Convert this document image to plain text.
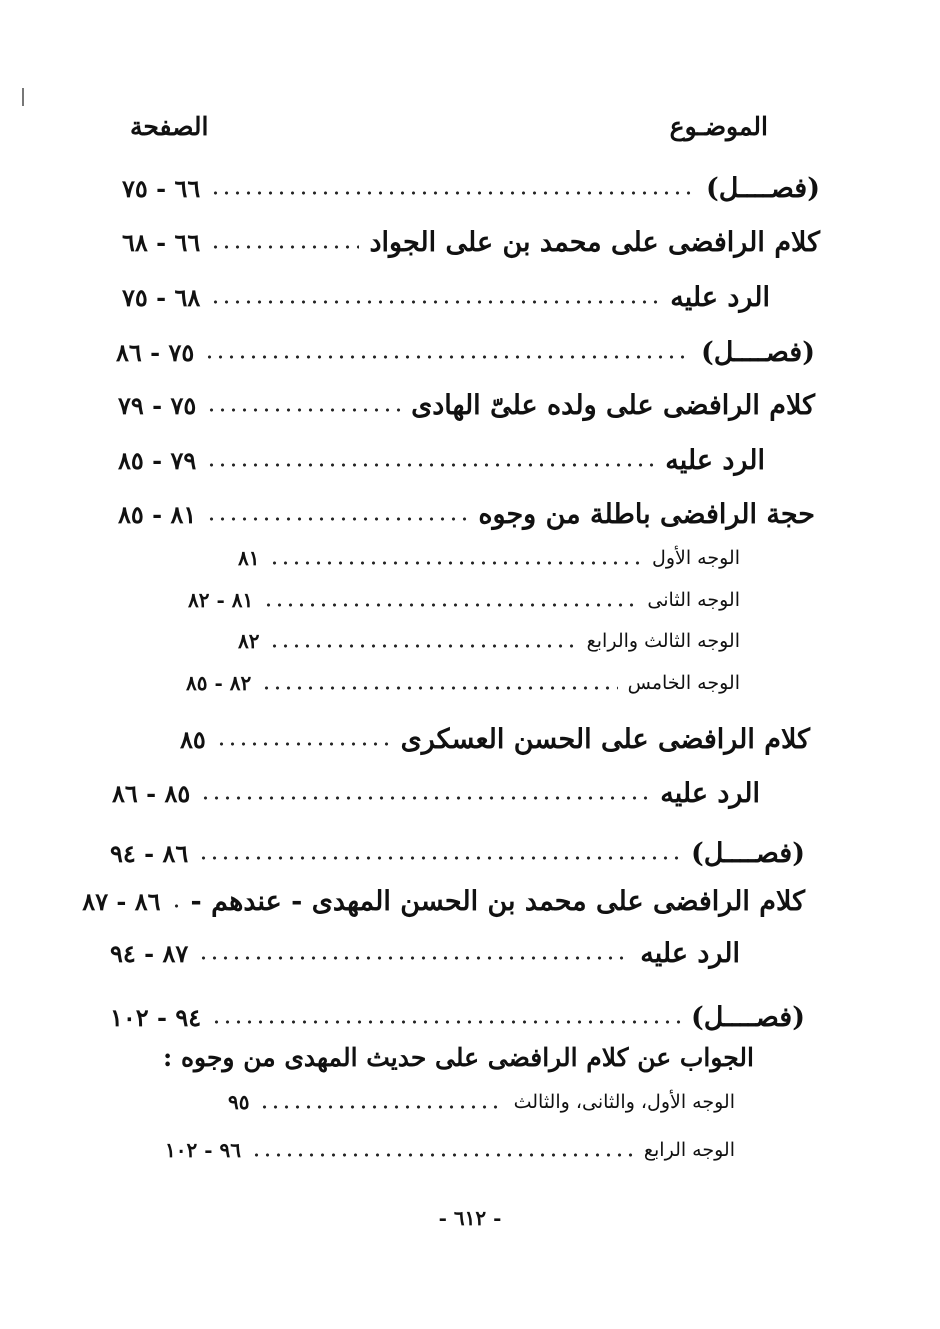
الموضـوع
الصفحة
(فصــــل)
٦٦ - ٧٥
كلام الرافضى على محمد بن على الجواد
٦٦ - ٦٨
الرد عليه
٦٨ - ٧٥
(فصــــل)
٧٥ - ٨٦
كلام الرافضى على ولده علىّ الهادى
٧٥ - ٧٩
الرد عليه
٧٩ - ٨٥
حجة الرافضى باطلة من وجوه
٨١ - ٨٥
الوجه الأول
٨١
الوجه الثانى
٨١ - ٨٢
الوجه الثالث والرابع
٨٢
الوجه الخامس
٨٢ - ٨٥
كلام الرافضى على الحسن العسكرى
٨٥
الرد عليه
٨٥ - ٨٦
(فصــــل)
٨٦ - ٩٤
كلام الرافضى على محمد بن الحسن المهدى - عندهم -
٨٦ - ٨٧
الرد عليه
٨٧ - ٩٤
(فصــــل)
٩٤ - ١٠٢
الوجه الأول، والثانى، والثالث
٩٥
الوجه الرابع
٩٦ - ١٠٢
الجواب عن كلام الرافضى على حديث المهدى من وجوه :
- ٦١٢ -
